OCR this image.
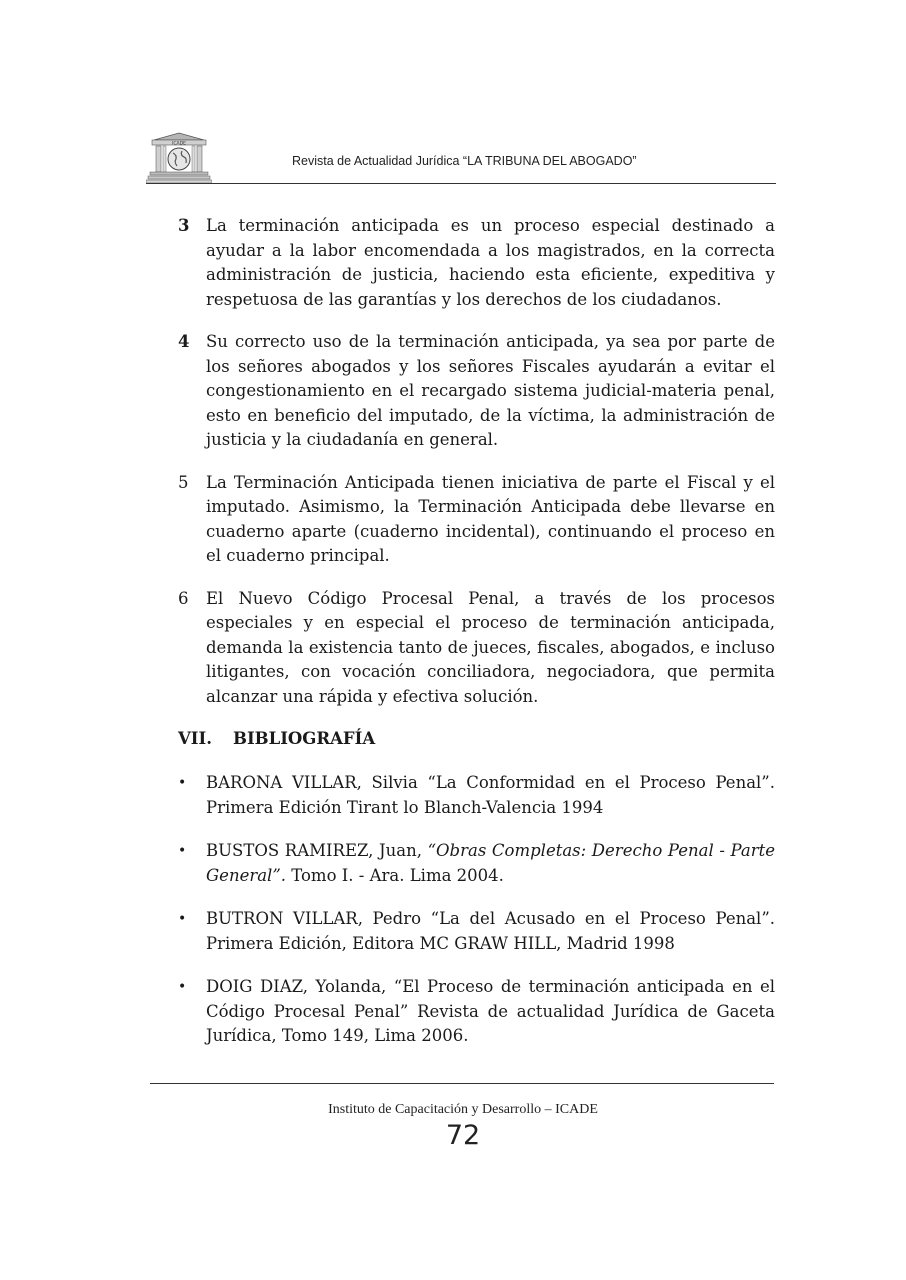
ICADE
Revista de Actualidad Jurídica “LA TRIBUNA DEL ABOGADO”
3	La terminación anticipada es un proceso especial destinado a ayudar a la labor encomendada a los magistrados, en la correcta administración de justicia, haciendo esta eficiente, expeditiva y respetuosa de las garantías y los derechos de los ciudadanos.
4	Su correcto uso de la terminación anticipada, ya sea por parte de los señores abogados y los señores Fiscales ayudarán a evitar el congestionamiento en el recargado sistema judicial-materia penal, esto en beneficio del imputado, de la víctima, la administración de justicia y la ciudadanía en general.
5	La Terminación Anticipada tienen iniciativa de parte el Fiscal y el imputado. Asimismo, la Terminación Anticipada debe llevarse en cuaderno aparte (cuaderno incidental), continuando el proceso en el cuaderno principal.
6	El Nuevo Código Procesal Penal, a través de los procesos especiales y en especial el proceso de terminación anticipada, demanda la existencia tanto de jueces, fiscales, abogados, e incluso litigantes, con vocación conciliadora, negociadora, que permita alcanzar una rápida y efectiva solución.
VII.	BIBLIOGRAFÍA
•	BARONA VILLAR, Silvia “La Conformidad en el Proceso Penal”. Primera Edición Tirant lo Blanch-Valencia 1994
•	BUSTOS RAMIREZ, Juan, “Obras Completas: Derecho Penal - Parte General”. Tomo I. - Ara. Lima 2004.
•	BUTRON VILLAR, Pedro “La del Acusado en el Proceso Penal”. Primera Edición, Editora MC GRAW HILL, Madrid 1998
•	DOIG DIAZ, Yolanda, “El Proceso de terminación anticipada en el Código Procesal Penal” Revista de actualidad Jurídica de Gaceta Jurídica, Tomo 149, Lima 2006.
Instituto de Capacitación y Desarrollo – ICADE
72
